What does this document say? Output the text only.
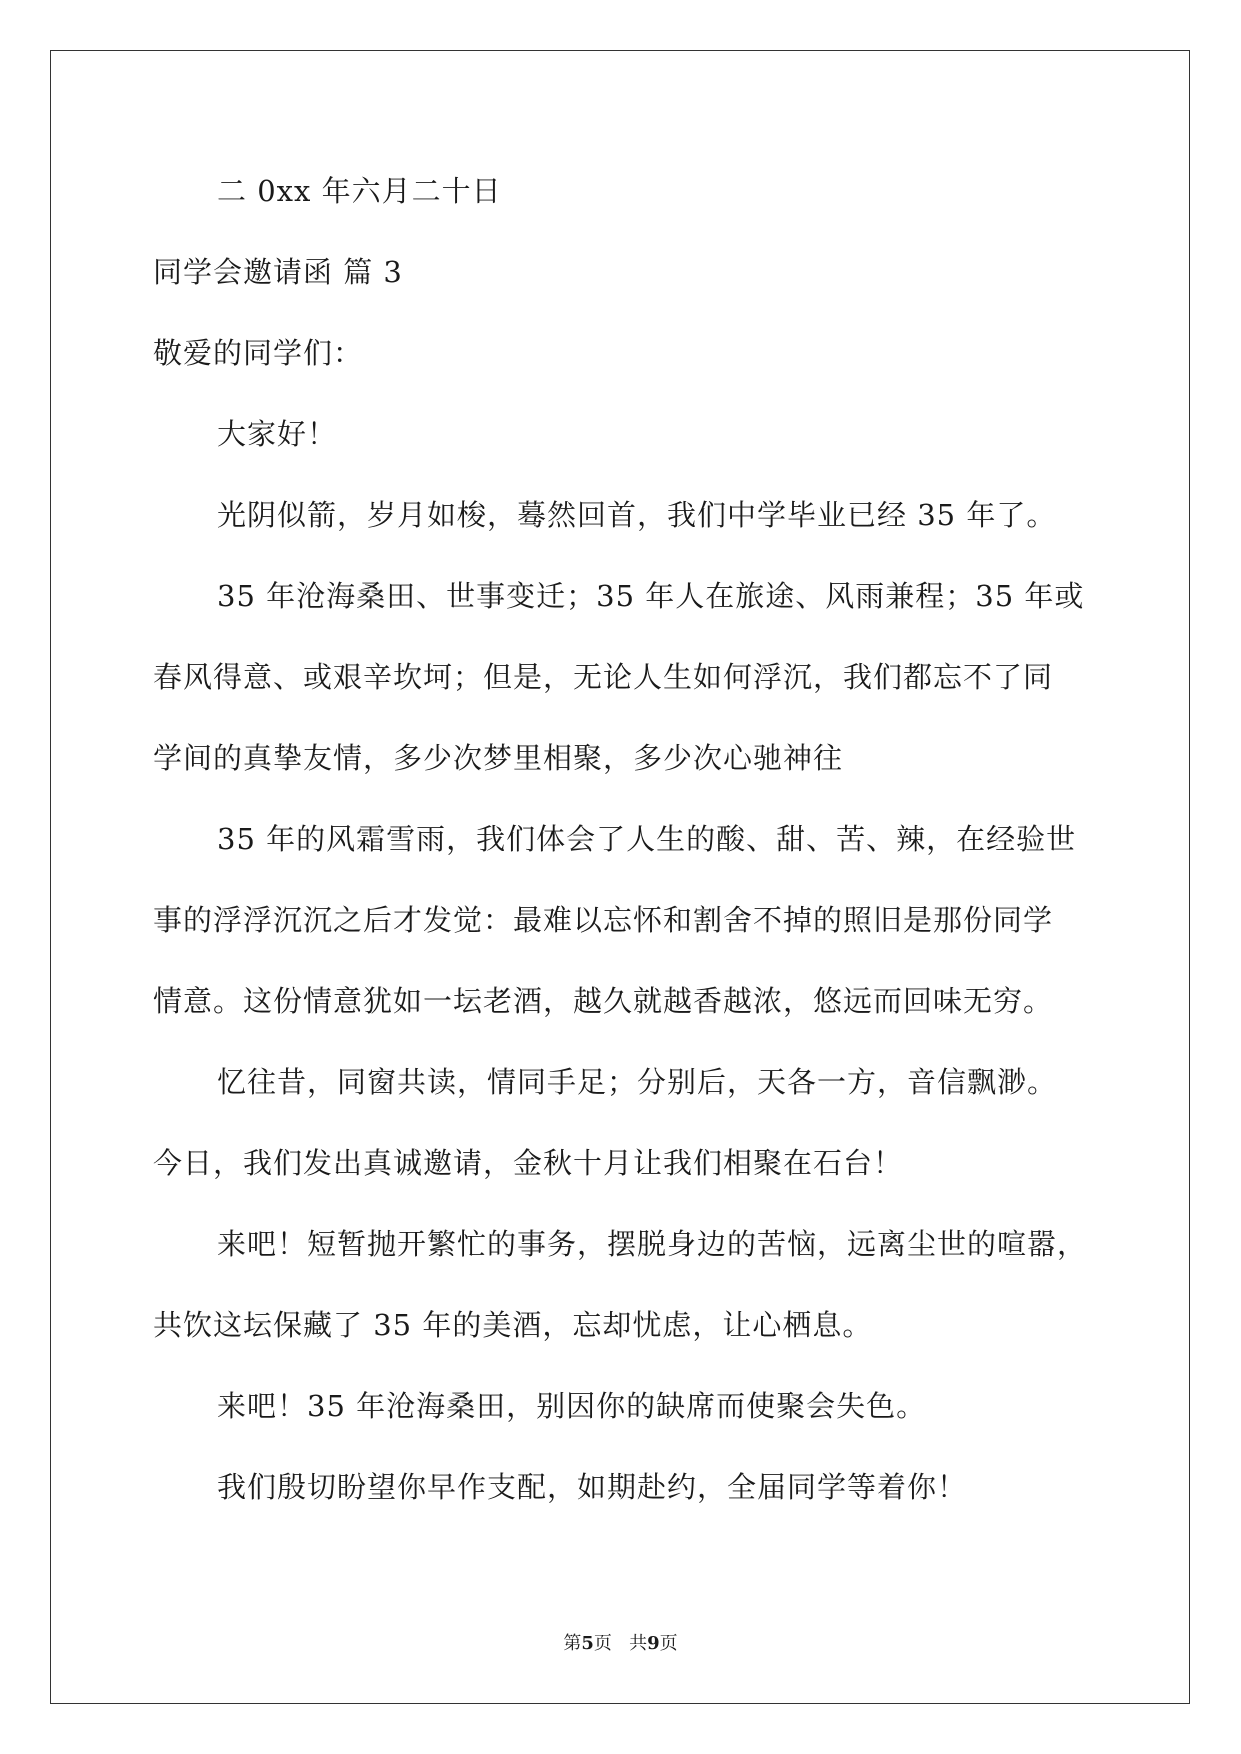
二 0xx 年六月二十日
同学会邀请函 篇 3
敬爱的同学们：
大家好！
光阴似箭，岁月如梭，蓦然回首，我们中学毕业已经 35 年了。
35 年沧海桑田、世事变迁；35 年人在旅途、风雨兼程；35 年或
春风得意、或艰辛坎坷；但是，无论人生如何浮沉，我们都忘不了同
学间的真挚友情，多少次梦里相聚，多少次心驰神往
35 年的风霜雪雨，我们体会了人生的酸、甜、苦、辣，在经验世
事的浮浮沉沉之后才发觉：最难以忘怀和割舍不掉的照旧是那份同学
情意。这份情意犹如一坛老酒，越久就越香越浓，悠远而回味无穷。
忆往昔，同窗共读，情同手足；分别后，天各一方，音信飘渺。
今日，我们发出真诚邀请，金秋十月让我们相聚在石台！
来吧！短暂抛开繁忙的事务，摆脱身边的苦恼，远离尘世的喧嚣，
共饮这坛保藏了 35 年的美酒，忘却忧虑，让心栖息。
来吧！35 年沧海桑田，别因你的缺席而使聚会失色。
我们殷切盼望你早作支配，如期赴约，全届同学等着你！
第5页 共9页
